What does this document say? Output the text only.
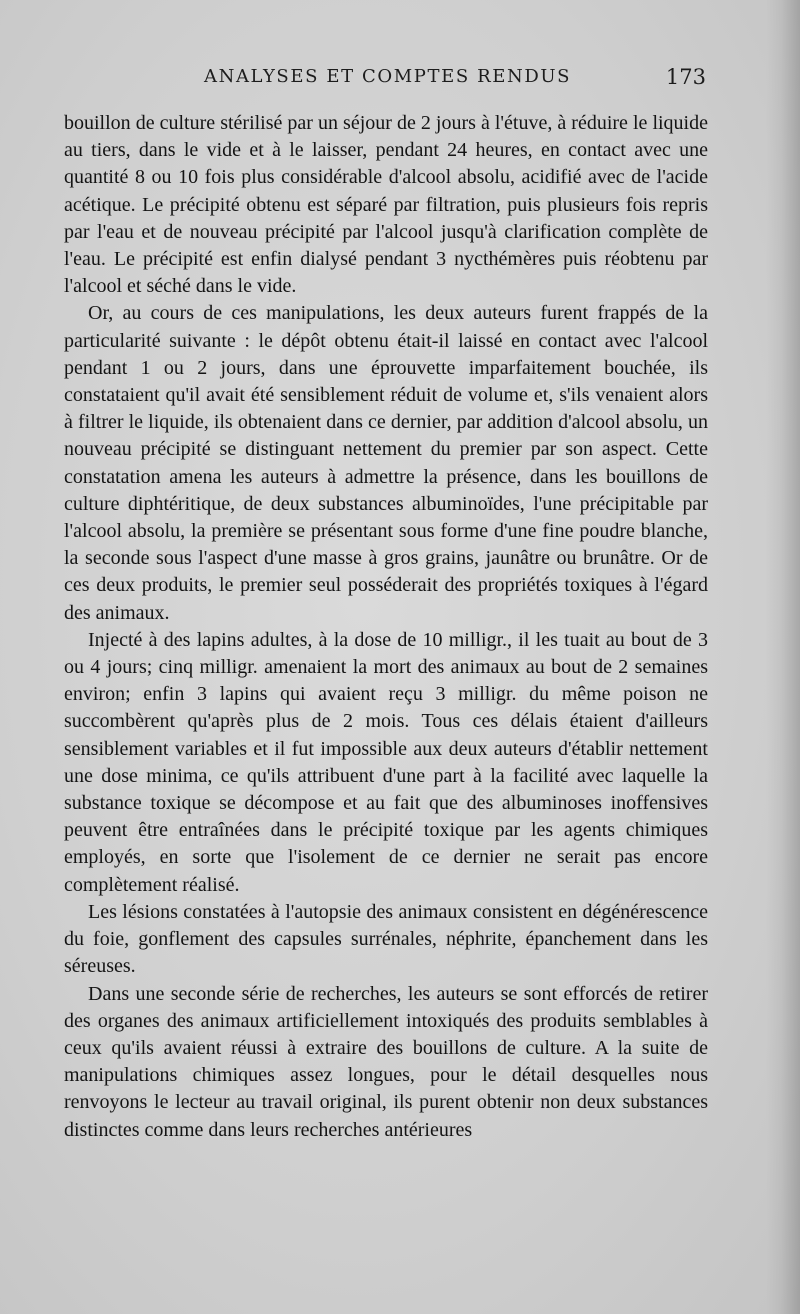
ANALYSES ET COMPTES RENDUS	173

bouillon de culture stérilisé par un séjour de 2 jours à l'étuve, à réduire le liquide au tiers, dans le vide et à le laisser, pendant 24 heures, en contact avec une quantité 8 ou 10 fois plus considérable d'alcool absolu, acidifié avec de l'acide acétique. Le précipité obtenu est séparé par filtration, puis plusieurs fois repris par l'eau et de nouveau précipité par l'alcool jusqu'à clarification complète de l'eau. Le précipité est enfin dialysé pendant 3 nycthémères puis réobtenu par l'alcool et séché dans le vide.

Or, au cours de ces manipulations, les deux auteurs furent frappés de la particularité suivante : le dépôt obtenu était-il laissé en contact avec l'alcool pendant 1 ou 2 jours, dans une éprouvette imparfaitement bouchée, ils constataient qu'il avait été sensiblement réduit de volume et, s'ils venaient alors à filtrer le liquide, ils obtenaient dans ce dernier, par addition d'alcool absolu, un nouveau précipité se distinguant nettement du premier par son aspect. Cette constatation amena les auteurs à admettre la présence, dans les bouillons de culture diphtéritique, de deux substances albuminoïdes, l'une précipitable par l'alcool absolu, la première se présentant sous forme d'une fine poudre blanche, la seconde sous l'aspect d'une masse à gros grains, jaunâtre ou brunâtre. Or de ces deux produits, le premier seul posséderait des propriétés toxiques à l'égard des animaux.

Injecté à des lapins adultes, à la dose de 10 milligr., il les tuait au bout de 3 ou 4 jours; cinq milligr. amenaient la mort des animaux au bout de 2 semaines environ; enfin 3 lapins qui avaient reçu 3 milligr. du même poison ne succombèrent qu'après plus de 2 mois. Tous ces délais étaient d'ailleurs sensiblement variables et il fut impossible aux deux auteurs d'établir nettement une dose minima, ce qu'ils attribuent d'une part à la facilité avec laquelle la substance toxique se décompose et au fait que des albuminoses inoffensives peuvent être entraînées dans le précipité toxique par les agents chimiques employés, en sorte que l'isolement de ce dernier ne serait pas encore complètement réalisé.

Les lésions constatées à l'autopsie des animaux consistent en dégénérescence du foie, gonflement des capsules surrénales, néphrite, épanchement dans les séreuses.

Dans une seconde série de recherches, les auteurs se sont efforcés de retirer des organes des animaux artificiellement intoxiqués des produits semblables à ceux qu'ils avaient réussi à extraire des bouillons de culture. A la suite de manipulations chimiques assez longues, pour le détail desquelles nous renvoyons le lecteur au travail original, ils purent obtenir non deux substances distinctes comme dans leurs recherches antérieures
